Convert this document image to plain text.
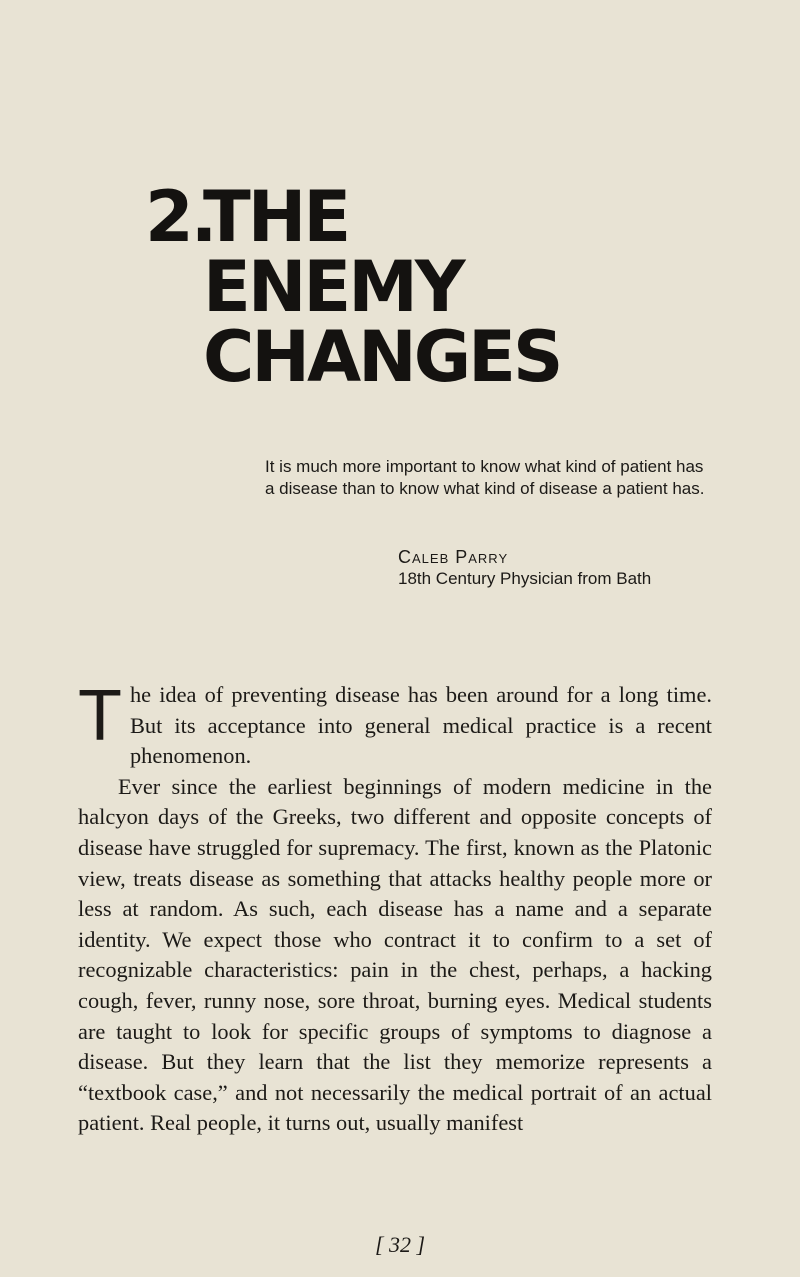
2.THE
ENEMY
CHANGES
It is much more important to know what kind of patient has a disease than to know what kind of disease a patient has.
Caleb Parry
18th Century Physician from Bath

The idea of preventing disease has been around for a long time. But its acceptance into general medical practice is a recent phenomenon.

Ever since the earliest beginnings of modern medicine in the halcyon days of the Greeks, two different and opposite concepts of disease have struggled for supremacy. The first, known as the Platonic view, treats disease as something that attacks healthy people more or less at random. As such, each disease has a name and a separate identity. We expect those who contract it to confirm to a set of recognizable characteristics: pain in the chest, perhaps, a hacking cough, fever, runny nose, sore throat, burning eyes. Medical students are taught to look for specific groups of symptoms to diagnose a disease. But they learn that the list they memorize represents a “textbook case,” and not necessarily the medical portrait of an actual patient. Real people, it turns out, usually manifest

[ 32 ]
